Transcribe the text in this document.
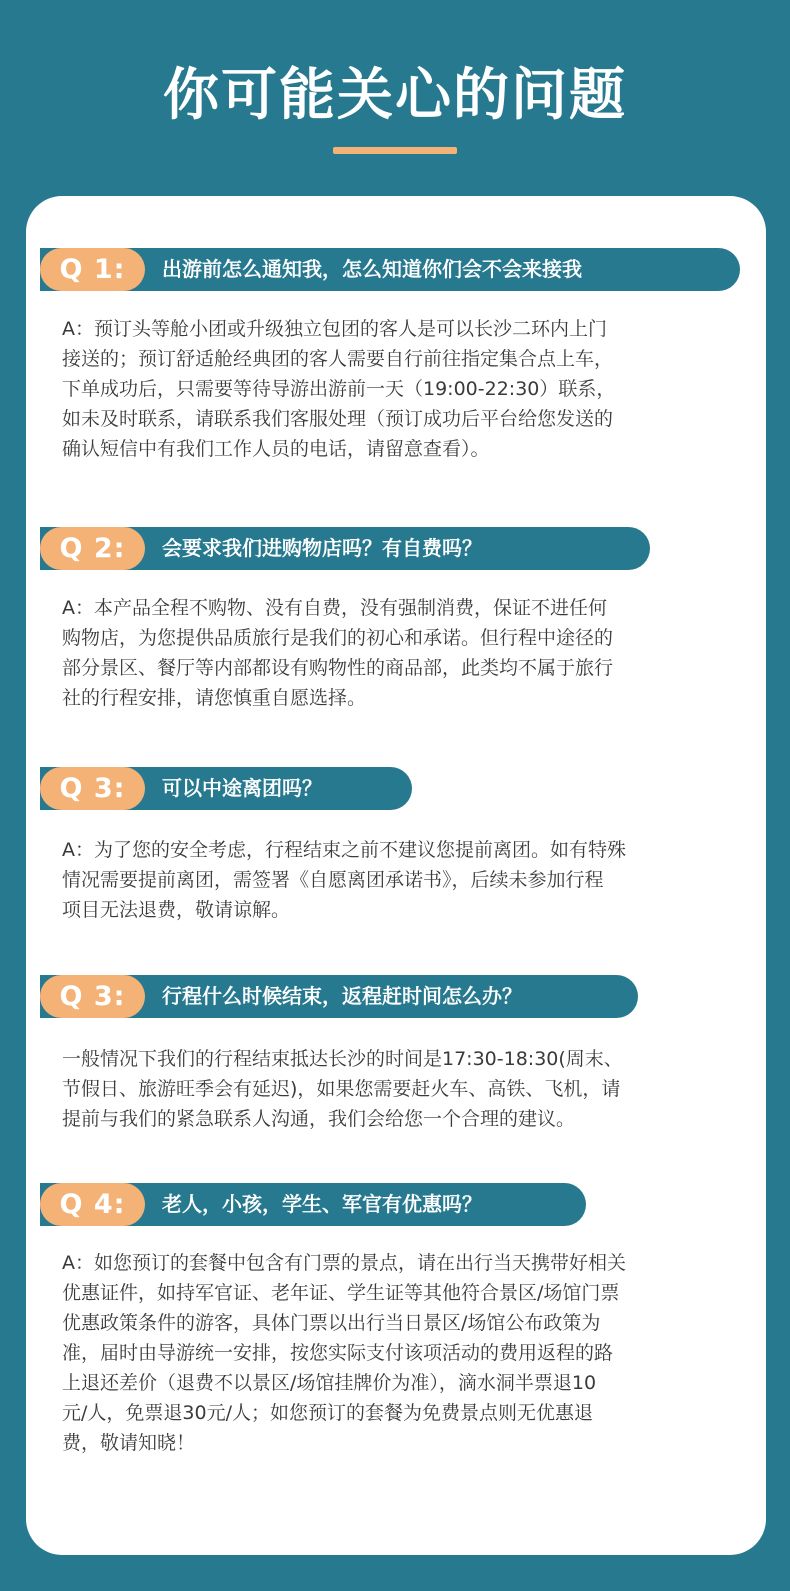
你可能关心的问题
Q 1:	出游前怎么通知我，怎么知道你们会不会来接我
A：预订头等舱小团或升级独立包团的客人是可以长沙二环内上门
接送的；预订舒适舱经典团的客人需要自行前往指定集合点上车，
下单成功后，只需要等待导游出游前一天（19:00-22:30）联系，
如未及时联系，请联系我们客服处理（预订成功后平台给您发送的
确认短信中有我们工作人员的电话，请留意查看）。
Q 2:	会要求我们进购物店吗？有自费吗？
A：本产品全程不购物、没有自费，没有强制消费，保证不进任何
购物店，为您提供品质旅行是我们的初心和承诺。但行程中途径的
部分景区、餐厅等内部都设有购物性的商品部，此类均不属于旅行
社的行程安排，请您慎重自愿选择。
Q 3:	可以中途离团吗？
A：为了您的安全考虑，行程结束之前不建议您提前离团。如有特殊
情况需要提前离团，需签署《自愿离团承诺书》，后续未参加行程
项目无法退费，敬请谅解。
Q 3:	行程什么时候结束，返程赶时间怎么办？
一般情况下我们的行程结束抵达长沙的时间是17:30-18:30(周末、
节假日、旅游旺季会有延迟)，如果您需要赶火车、高铁、飞机，请
提前与我们的紧急联系人沟通，我们会给您一个合理的建议。
Q 4:	老人，小孩，学生、军官有优惠吗？
A：如您预订的套餐中包含有门票的景点，请在出行当天携带好相关
优惠证件，如持军官证、老年证、学生证等其他符合景区/场馆门票
优惠政策条件的游客，具体门票以出行当日景区/场馆公布政策为
准，届时由导游统一安排，按您实际支付该项活动的费用返程的路
上退还差价（退费不以景区/场馆挂牌价为准），滴水洞半票退10
元/人，免票退30元/人；如您预订的套餐为免费景点则无优惠退
费，敬请知晓！
